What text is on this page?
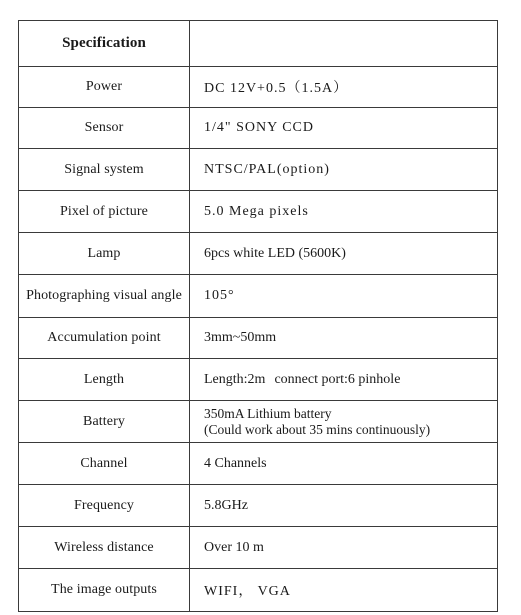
Specification	
Power	DC 12V+0.5（1.5A）
Sensor	1/4" SONY CCD
Signal system	NTSC/PAL(option)
Pixel of picture	5.0 Mega pixels
Lamp	6pcs white LED (5600K)
Photographing visual angle	105°
Accumulation point	3mm~50mm
Length	Length:2m connect port:6 pinhole
Battery	350mA Lithium battery
(Could work about 35 mins continuously)

Channel	4 Channels
Frequency	5.8GHz
Wireless distance	Over 10 m
The image outputs	WIFI， VGA
